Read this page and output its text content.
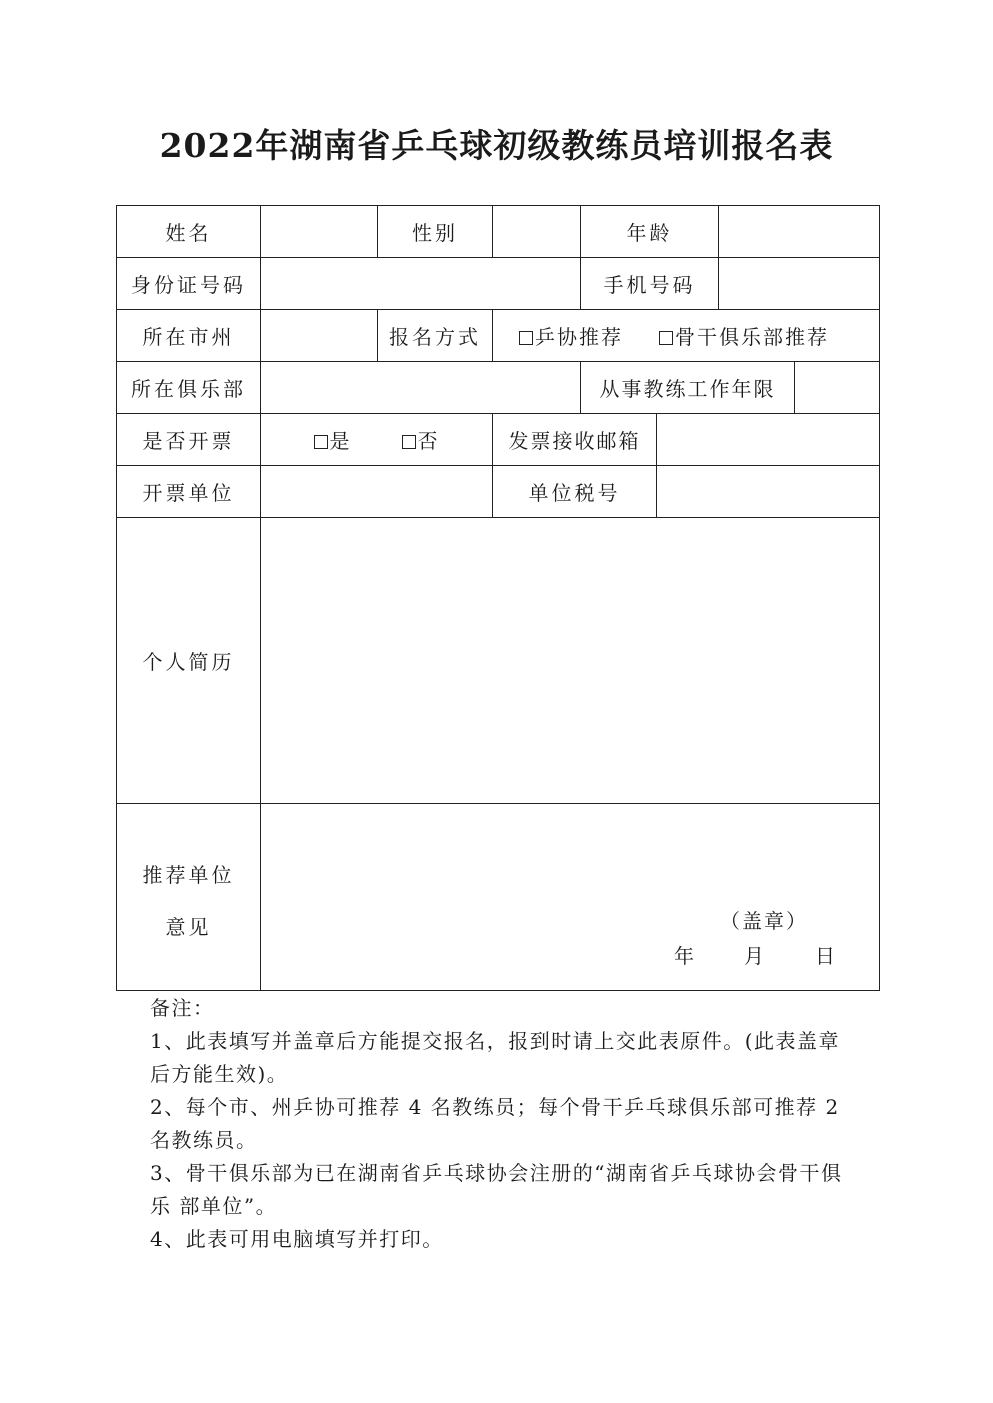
2022年湖南省乒乓球初级教练员培训报名表
姓名		性别		年龄			
身份证号码				手机号码			
所在市州		报名方式	乒协推荐 骨干俱乐部推荐				
所在俱乐部				从事教练工作年限			
是否开票	是 否		发票接收邮箱				
开票单位			单位税号				
个人简历							

推荐单位
意见							
		（盖章）
年	月	日

备注：

1、此表填写并盖章后方能提交报名，报到时请上交此表原件。(此表盖章后方能生效)。

2、每个市、州乒协可推荐 4 名教练员；每个骨干乒乓球俱乐部可推荐 2 名教练员。

3、骨干俱乐部为已在湖南省乒乓球协会注册的“湖南省乒乓球协会骨干俱乐 部单位”。

4、此表可用电脑填写并打印。
